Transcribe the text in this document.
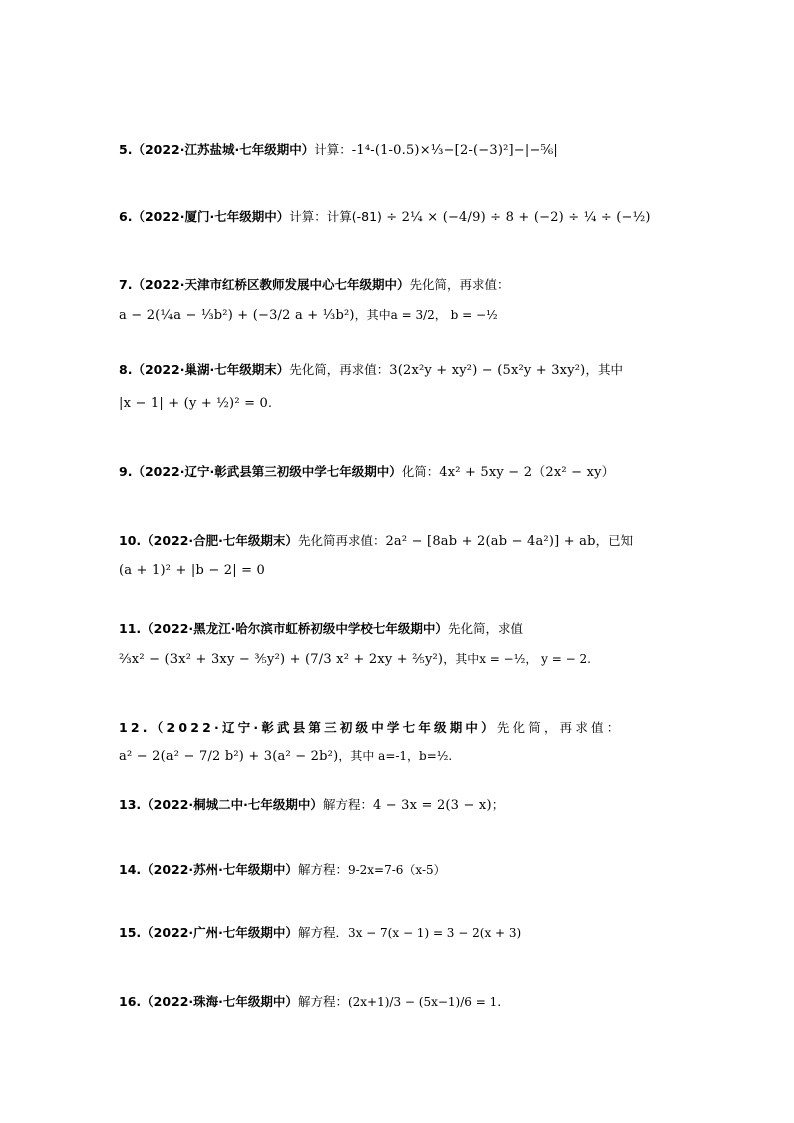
5.（2022·江苏盐城·七年级期中）计算：-1⁴-(1-0.5)×⅓−[2-(−3)²]−|−⅚|
6.（2022·厦门·七年级期中）计算：计算(-81) ÷ 2¼ × (−4/9) ÷ 8 + (−2) ÷ ¼ ÷ (−½)
7.（2022·天津市红桥区教师发展中心七年级期中）先化简，再求值：
a − 2(¼a − ⅓b²) + (−3/2 a + ⅓b²)，其中a = 3/2， b = −½
8.（2022·巢湖·七年级期末）先化简，再求值：3(2x²y + xy²) − (5x²y + 3xy²)，其中
|x − 1| + (y + ½)² = 0.
9.（2022·辽宁·彰武县第三初级中学七年级期中）化简：4x² + 5xy − 2（2x² − xy）
10.（2022·合肥·七年级期末）先化简再求值：2a² − [8ab + 2(ab − 4a²)] + ab，已知
(a + 1)² + |b − 2| = 0
11.（2022·黑龙江·哈尔滨市虹桥初级中学校七年级期中）先化简，求值
⅔x² − (3x² + 3xy − ⅗y²) + (7/3 x² + 2xy + ⅖y²)，其中x = −½， y = − 2.
12.（2022·辽宁·彰武县第三初级中学七年级期中）先化简，再求值：
a² − 2(a² − 7/2 b²) + 3(a² − 2b²)，其中 a=-1，b=½.
13.（2022·桐城二中·七年级期中）解方程：4 − 3x = 2(3 − x)；
14.（2022·苏州·七年级期中）解方程：9-2x=7-6（x-5）
15.（2022·广州·七年级期中）解方程．3x − 7(x − 1) = 3 − 2(x + 3)
16.（2022·珠海·七年级期中）解方程：(2x+1)/3 − (5x−1)/6 = 1.
